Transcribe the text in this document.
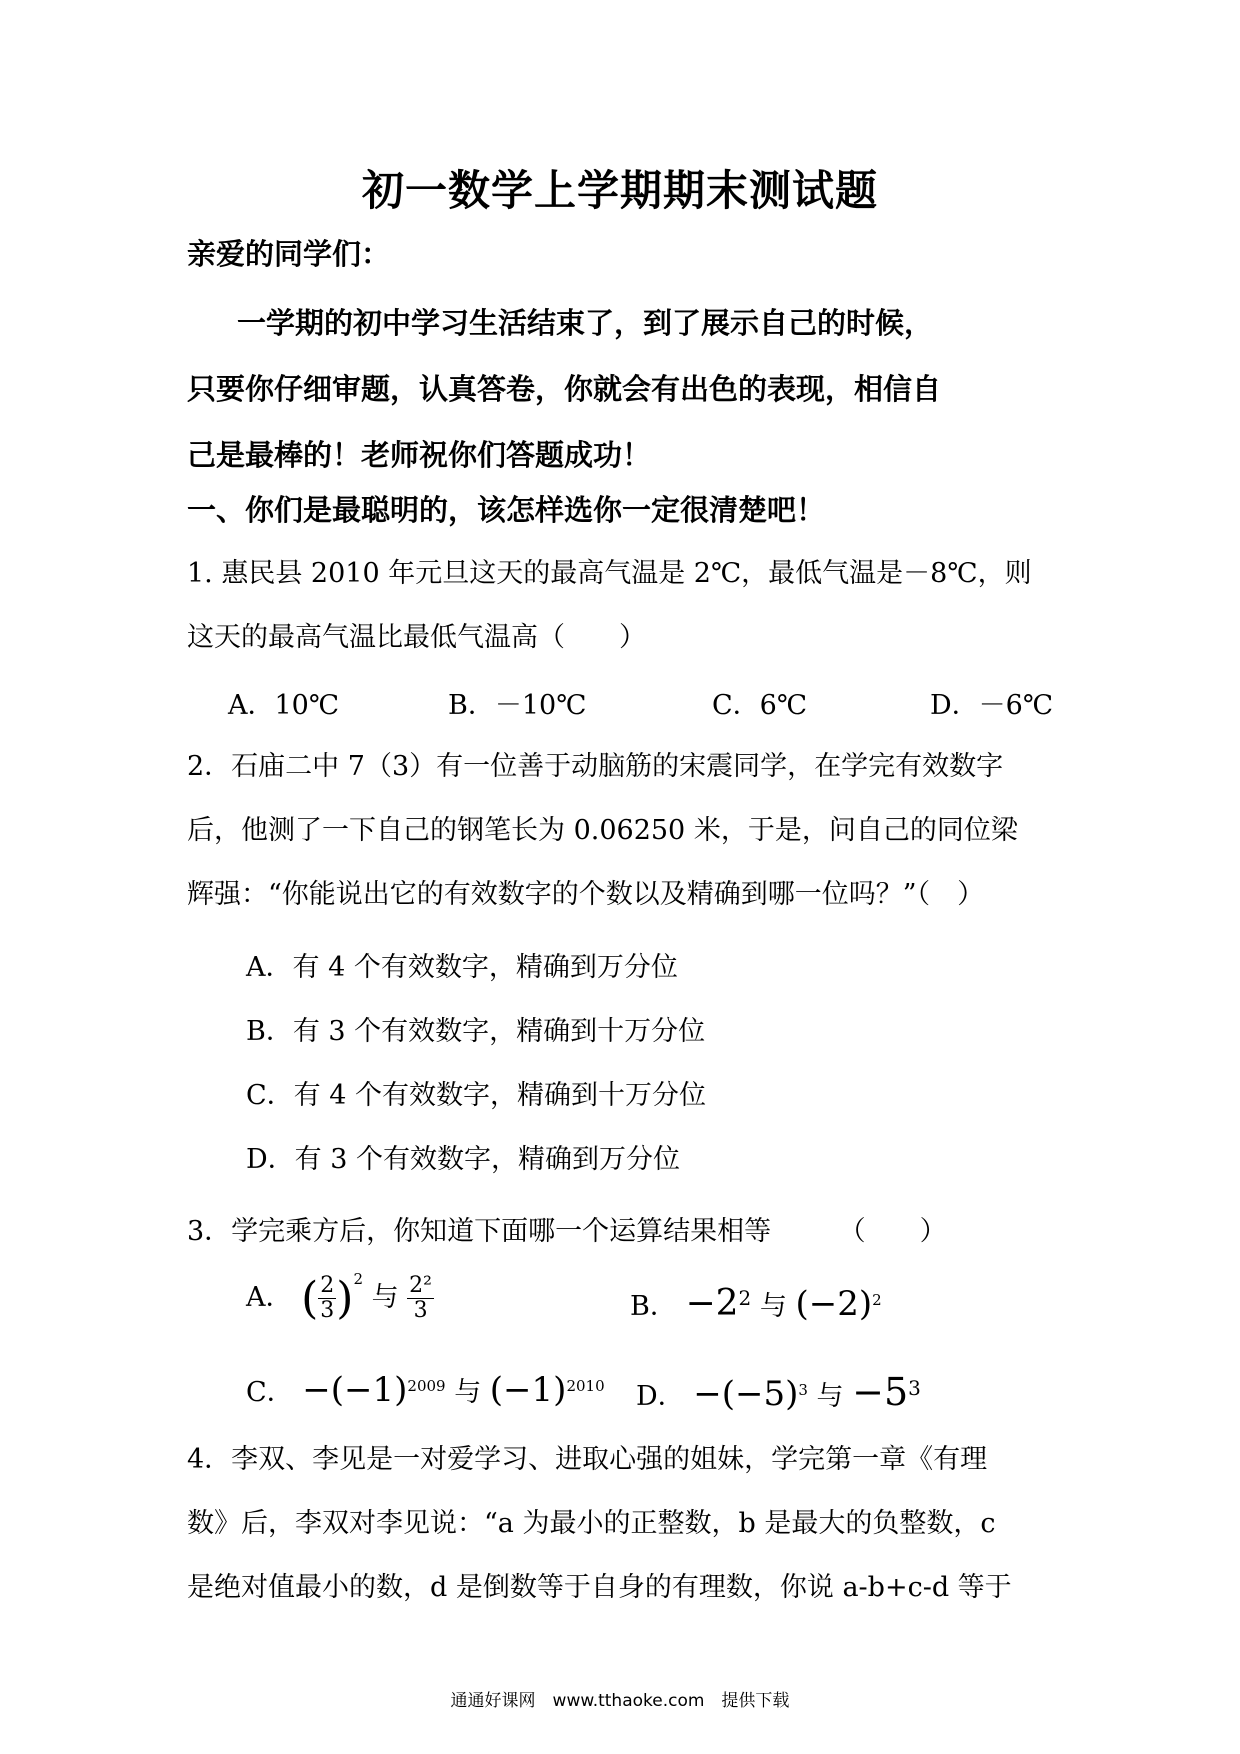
初一数学上学期期末测试题
亲爱的同学们：
一学期的初中学习生活结束了，到了展示自己的时候，
只要你仔细审题，认真答卷，你就会有出色的表现，相信自
己是最棒的！老师祝你们答题成功！
一、你们是最聪明的，该怎样选你一定很清楚吧！
1. 惠民县 2010 年元旦这天的最高气温是 2℃，最低气温是－8℃，则
这天的最高气温比最低气温高（　　）
A．10℃	B．－10℃	C．6℃	D．－6℃
2．石庙二中 7（3）有一位善于动脑筋的宋震同学，在学完有效数字
后，他测了一下自己的钢笔长为 0.06250 米，于是，问自己的同位梁
辉强：“你能说出它的有效数字的个数以及精确到哪一位吗？”（　）
A．有 4 个有效数字，精确到万分位
B．有 3 个有效数字，精确到十万分位
C．有 4 个有效数字，精确到十万分位
D．有 3 个有效数字，精确到万分位
3．学完乘方后，你知道下面哪一个运算结果相等　　　（　　）
A． ( $\frac{2}{3} )^2$ 与 $\frac{\text{2²}}{3}$	B． $-2^2$ 与 $(-2)^2$
C． $-(-1)^{2009}$ 与 $(-1)^{2010}$ D． $-(-5)^3$ 与 $-5^3$
4．李双、李见是一对爱学习、进取心强的姐妹，学完第一章《有理
数》后，李双对李见说：“a 为最小的正整数，b 是最大的负整数，c
是绝对值最小的数，d 是倒数等于自身的有理数，你说 a-b+c-d 等于
通通好课网　www.tthaoke.com　提供下载
